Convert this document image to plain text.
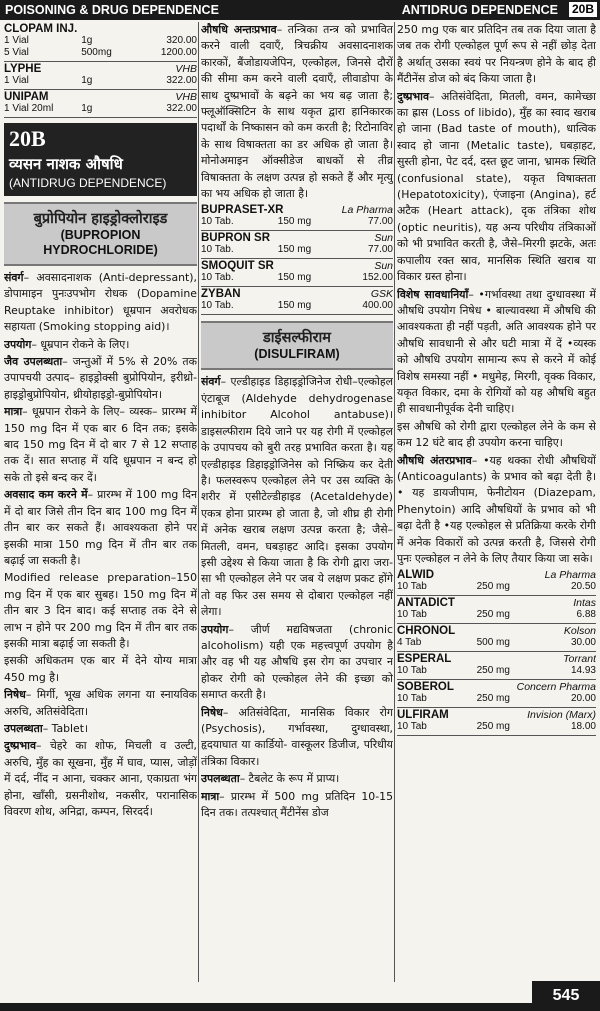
POISONING & DRUG DEPENDENCE	ANTIDRUG DEPENDENCE 20B
CLOPAM INJ.
1 Vial	1g	320.00
5 Vial	500mg	1200.00
LYPHE	VHB
1 Vial	1g	322.00
UNIPAM	VHB
1 Vial 20ml	1g	322.00
20B
व्यसन नाशक औषधि
(ANTIDRUG DEPENDENCE)
बुप्रोपियोन हाइड्रोक्लोराइड
(BUPROPION HYDROCHLORIDE)
संवर्ग– अवसादनाशक (Anti-depressant), डोपामाइन पुनःउपभोग रोधक (Dopamine Reuptake inhibitor) धूम्रपान अवरोधक सहायता (Smoking stopping aid)।
उपयोग– धूम्रपान रोकने के लिए।
जैव उपलब्धता– जन्तुओं में 5% से 20% तक उपापचयी उत्पाद– हाइड्रोक्सी बुप्रोपियोन, इरीथ्रो-हाइड्रोबुप्रोपियोन, थ्रीयोहाइड्रो-बुप्रोपियोन।
मात्रा– धूम्रपान रोकने के लिए– व्यस्क– प्रारम्भ में 150 mg दिन में एक बार 6 दिन तक; इसके बाद 150 mg दिन में दो बार 7 से 12 सप्ताह तक दें। सात सप्ताह में यदि धूम्रपान न बन्द हो सके तो इसे बन्द कर दें।
अवसाद कम करने में– प्रारम्भ में 100 mg दिन में दो बार जिसे तीन दिन बाद 100 mg दिन में तीन बार कर सकते हैं। आवश्यकता होने पर इसकी मात्रा 150 mg दिन में तीन बार तक बढ़ाई जा सकती है।
Modified release preparation–150 mg दिन में एक बार सुबह। 150 mg दिन में तीन बार 3 दिन बाद। कई सप्ताह तक देने से लाभ न होने पर 200 mg दिन में तीन बार तक इसकी मात्रा बढ़ाई जा सकती है।
इसकी अधिकतम एक बार में देने योग्य मात्रा 450 mg है।
निषेध– मिर्गी, भूख अधिक लगना या स्नायविक अरुचि, अतिसंवेदिता।
उपलब्धता– Tablet।
दुष्प्रभाव– चेहरे का शोफ, मिचली व उल्टी, अरुचि, मुँह का सूखना, मुँह में घाव, प्यास, जोड़ों में दर्द, नींद न आना, चक्कर आना, एकाग्रता भंग होना, खाँसी, ग्रसनीशोथ, नकसीर, परानासिक विवरण शोथ, अनिद्रा, कम्पन, सिरदर्द।
औषधि अन्तःप्रभाव– तन्त्रिका तन्त्र को प्रभावित करने वाली दवाएँ, त्रिचक्रीय अवसादनाशक कारकों, बैंजोडायजेपिन, एल्कोहल, जिनसे दौरों की सीमा कम करने वाली दवाएँ, लीवाडोपा के साथ दुष्प्रभावों के बढ़ने का भय बढ़ जाता है; फ्लूऑक्सिटिन के साथ यकृत द्वारा हानिकारक पदार्थों के निष्कासन को कम करती है; रिटोनाविर के साथ विषाक्तता का डर अधिक हो जाता है। मोनोअमाइन ऑक्सीडेज बाधकों से तीव्र विषाक्तता के लक्षण उत्पन्न हो सकते हैं और मृत्यु का भय अधिक हो जाता है।
BUPRASET-XR	La Pharma
10 Tab.	150 mg	77.00
BUPRON SR	Sun
10 Tab.	150 mg	77.00
SMOQUIT SR	Sun
10 Tab.	150 mg	152.00
ZYBAN	GSK
10 Tab.	150 mg	400.00
डाईसल्फीराम
(DISULFIRAM)
संवर्ग– एल्डीहाइड डिहाइड्रोजिनेज रोधी–एल्कोहल एंटाबूज (Aldehyde dehydrogenase inhibitor Alcohol antabuse)। डाइसल्फीराम दिये जाने पर यह रोगी में एल्कोहल के उपापचय को बुरी तरह प्रभावित करता है। यह एल्डीहाइड डिहाइड्रोजिनेस को निष्क्रिय कर देती है। फलस्वरूप एल्कोहल लेने पर उस व्यक्ति के शरीर में एसीटेल्डीहाइड (Acetaldehyde) एकत्र होना प्रारम्भ हो जाता है, जो शीघ्र ही रोगी में अनेक खराब लक्षण उत्पन्न करता है; जैसे–मितली, वमन, घबड़ाहट आदि। इसका उपयोग इसी उद्देश्य से किया जाता है कि रोगी द्वारा जरा-सा भी एल्कोहल लेने पर जब ये लक्षण प्रकट होंगे तो वह फिर उस समय से दोबारा एल्कोहल नहीं लेगा।
उपयोग– जीर्ण मद्यविषजता (chronic alcoholism) यही एक महत्त्वपूर्ण उपयोग है और वह भी यह औषधि इस रोग का उपचार न होकर रोगी को एल्कोहल लेने की इच्छा को समाप्त करती है।
निषेध– अतिसंवेदिता, मानसिक विकार रोग (Psychosis), गर्भावस्था, दुग्धावस्था, हृदयाघात या कार्डियो- वास्कूलर डिजीज, परिधीय तंत्रिका विकार।
उपलब्धता– टैबलेट के रूप में प्राप्य।
मात्रा– प्रारम्भ में 500 mg प्रतिदिन 10-15 दिन तक। तत्पश्चात् मैंटीनेंस डोज
250 mg एक बार प्रतिदिन तब तक दिया जाता है जब तक रोगी एल्कोहल पूर्ण रूप से नहीं छोड़ देता है अर्थात् उसका स्वयं पर नियन्त्रण होने के बाद ही मैंटीनेंस डोज को बंद किया जाता है।
दुष्प्रभाव– अतिसंवेदिता, मितली, वमन, कामेच्छा का ह्रास (Loss of libido), मुँह का स्वाद खराब हो जाना (Bad taste of mouth), धात्विक स्वाद हो जाना (Metalic taste), घबड़ाहट, सुस्ती होना, पेट दर्द, दस्त छूट जाना, भ्रामक स्थिति (confusional state), यकृत विषाक्तता (Hepatotoxicity), एंजाइना (Angina), हर्ट अटैक (Heart attack), दृक तंत्रिका शोथ (optic neuritis), यह अन्य परिधीय तंत्रिकाओं को भी प्रभावित करती है, जैसे–मिरगी झटके, अतः कपालीय रक्त स्राव, मानसिक स्थिति खराब या विकार ग्रस्त होना।
विशेष सावधानियाँ– •गर्भावस्था तथा दुग्धावस्था में औषधि उपयोग निषेध • बाल्यावस्था में औषधि की आवश्यकता ही नहीं पड़ती, अति आवश्यक होने पर औषधि सावधानी से और घटी मात्रा में दें •व्यस्क को औषधि उपयोग सामान्य रूप से करने में कोई विशेष समस्या नहीं • मधुमेह, मिरगी, वृक्क विकार, यकृत विकार, दमा के रोगियों को यह औषधि बहुत ही सावधानीपूर्वक देनी चाहिए।
इस औषधि को रोगी द्वारा एल्कोहल लेने के कम से कम 12 घंटे बाद ही उपयोग करना चाहिए।
औषधि अंतरप्रभाव– •यह थक्का रोधी औषधियों (Anticoagulants) के प्रभाव को बढ़ा देती है। • यह डायजीपाम, फेनीटोयन (Diazepam, Phenytoin) आदि औषधियों के प्रभाव को भी बढ़ा देती है •यह एल्कोहल से प्रतिक्रिया करके रोगी में अनेक विकारों को उत्पन्न करती है, जिससे रोगी पुनः एल्कोहल न लेने के लिए तैयार किया जा सके।
ALWID	La Pharma
10 Tab	250 mg	20.50
ANTADICT	Intas
10 Tab	250 mg	6.88
CHRONOL	Kolson
4 Tab	500 mg	30.00
ESPERAL	Torrant
10 Tab	250 mg	14.93
SOBEROL	Concern Pharma
10 Tab	250 mg	20.00
ULFIRAM	Invision (Marx)
10 Tab	250 mg	18.00
545
